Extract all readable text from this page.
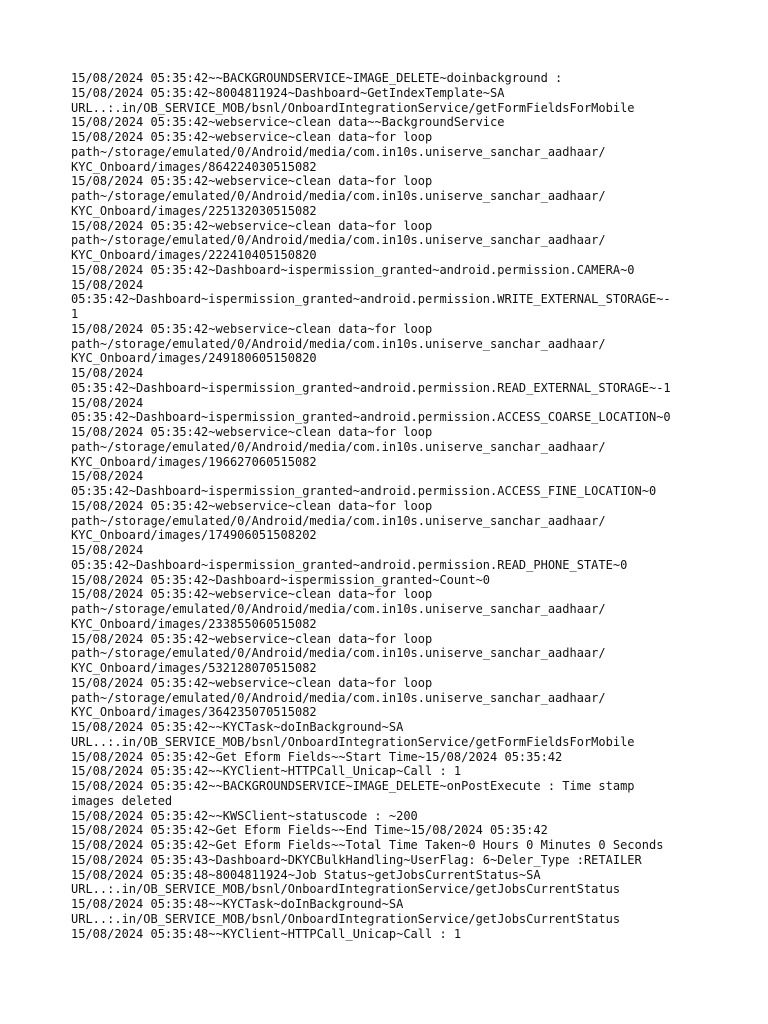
15/08/2024 05:35:42~~BACKGROUNDSERVICE~IMAGE_DELETE~doinbackground :
15/08/2024 05:35:42~8004811924~Dashboard~GetIndexTemplate~SA
URL..:.in/OB_SERVICE_MOB/bsnl/OnboardIntegrationService/getFormFieldsForMobile
15/08/2024 05:35:42~webservice~clean data~~BackgroundService
15/08/2024 05:35:42~webservice~clean data~for loop
path~/storage/emulated/0/Android/media/com.in10s.uniserve_sanchar_aadhaar/
KYC_Onboard/images/864224030515082
15/08/2024 05:35:42~webservice~clean data~for loop
path~/storage/emulated/0/Android/media/com.in10s.uniserve_sanchar_aadhaar/
KYC_Onboard/images/225132030515082
15/08/2024 05:35:42~webservice~clean data~for loop
path~/storage/emulated/0/Android/media/com.in10s.uniserve_sanchar_aadhaar/
KYC_Onboard/images/222410405150820
15/08/2024 05:35:42~Dashboard~ispermission_granted~android.permission.CAMERA~0
15/08/2024
05:35:42~Dashboard~ispermission_granted~android.permission.WRITE_EXTERNAL_STORAGE~-
1
15/08/2024 05:35:42~webservice~clean data~for loop
path~/storage/emulated/0/Android/media/com.in10s.uniserve_sanchar_aadhaar/
KYC_Onboard/images/249180605150820
15/08/2024
05:35:42~Dashboard~ispermission_granted~android.permission.READ_EXTERNAL_STORAGE~-1
15/08/2024
05:35:42~Dashboard~ispermission_granted~android.permission.ACCESS_COARSE_LOCATION~0
15/08/2024 05:35:42~webservice~clean data~for loop
path~/storage/emulated/0/Android/media/com.in10s.uniserve_sanchar_aadhaar/
KYC_Onboard/images/196627060515082
15/08/2024
05:35:42~Dashboard~ispermission_granted~android.permission.ACCESS_FINE_LOCATION~0
15/08/2024 05:35:42~webservice~clean data~for loop
path~/storage/emulated/0/Android/media/com.in10s.uniserve_sanchar_aadhaar/
KYC_Onboard/images/174906051508202
15/08/2024
05:35:42~Dashboard~ispermission_granted~android.permission.READ_PHONE_STATE~0
15/08/2024 05:35:42~Dashboard~ispermission_granted~Count~0
15/08/2024 05:35:42~webservice~clean data~for loop
path~/storage/emulated/0/Android/media/com.in10s.uniserve_sanchar_aadhaar/
KYC_Onboard/images/233855060515082
15/08/2024 05:35:42~webservice~clean data~for loop
path~/storage/emulated/0/Android/media/com.in10s.uniserve_sanchar_aadhaar/
KYC_Onboard/images/532128070515082
15/08/2024 05:35:42~webservice~clean data~for loop
path~/storage/emulated/0/Android/media/com.in10s.uniserve_sanchar_aadhaar/
KYC_Onboard/images/364235070515082
15/08/2024 05:35:42~~KYCTask~doInBackground~SA
URL..:.in/OB_SERVICE_MOB/bsnl/OnboardIntegrationService/getFormFieldsForMobile
15/08/2024 05:35:42~Get Eform Fields~~Start Time~15/08/2024 05:35:42
15/08/2024 05:35:42~~KYClient~HTTPCall_Unicap~Call : 1
15/08/2024 05:35:42~~BACKGROUNDSERVICE~IMAGE_DELETE~onPostExecute : Time stamp
images deleted
15/08/2024 05:35:42~~KWSClient~statuscode : ~200
15/08/2024 05:35:42~Get Eform Fields~~End Time~15/08/2024 05:35:42
15/08/2024 05:35:42~Get Eform Fields~~Total Time Taken~0 Hours 0 Minutes 0 Seconds
15/08/2024 05:35:43~Dashboard~DKYCBulkHandling~UserFlag: 6~Deler_Type :RETAILER
15/08/2024 05:35:48~8004811924~Job Status~getJobsCurrentStatus~SA
URL..:.in/OB_SERVICE_MOB/bsnl/OnboardIntegrationService/getJobsCurrentStatus
15/08/2024 05:35:48~~KYCTask~doInBackground~SA
URL..:.in/OB_SERVICE_MOB/bsnl/OnboardIntegrationService/getJobsCurrentStatus
15/08/2024 05:35:48~~KYClient~HTTPCall_Unicap~Call : 1
